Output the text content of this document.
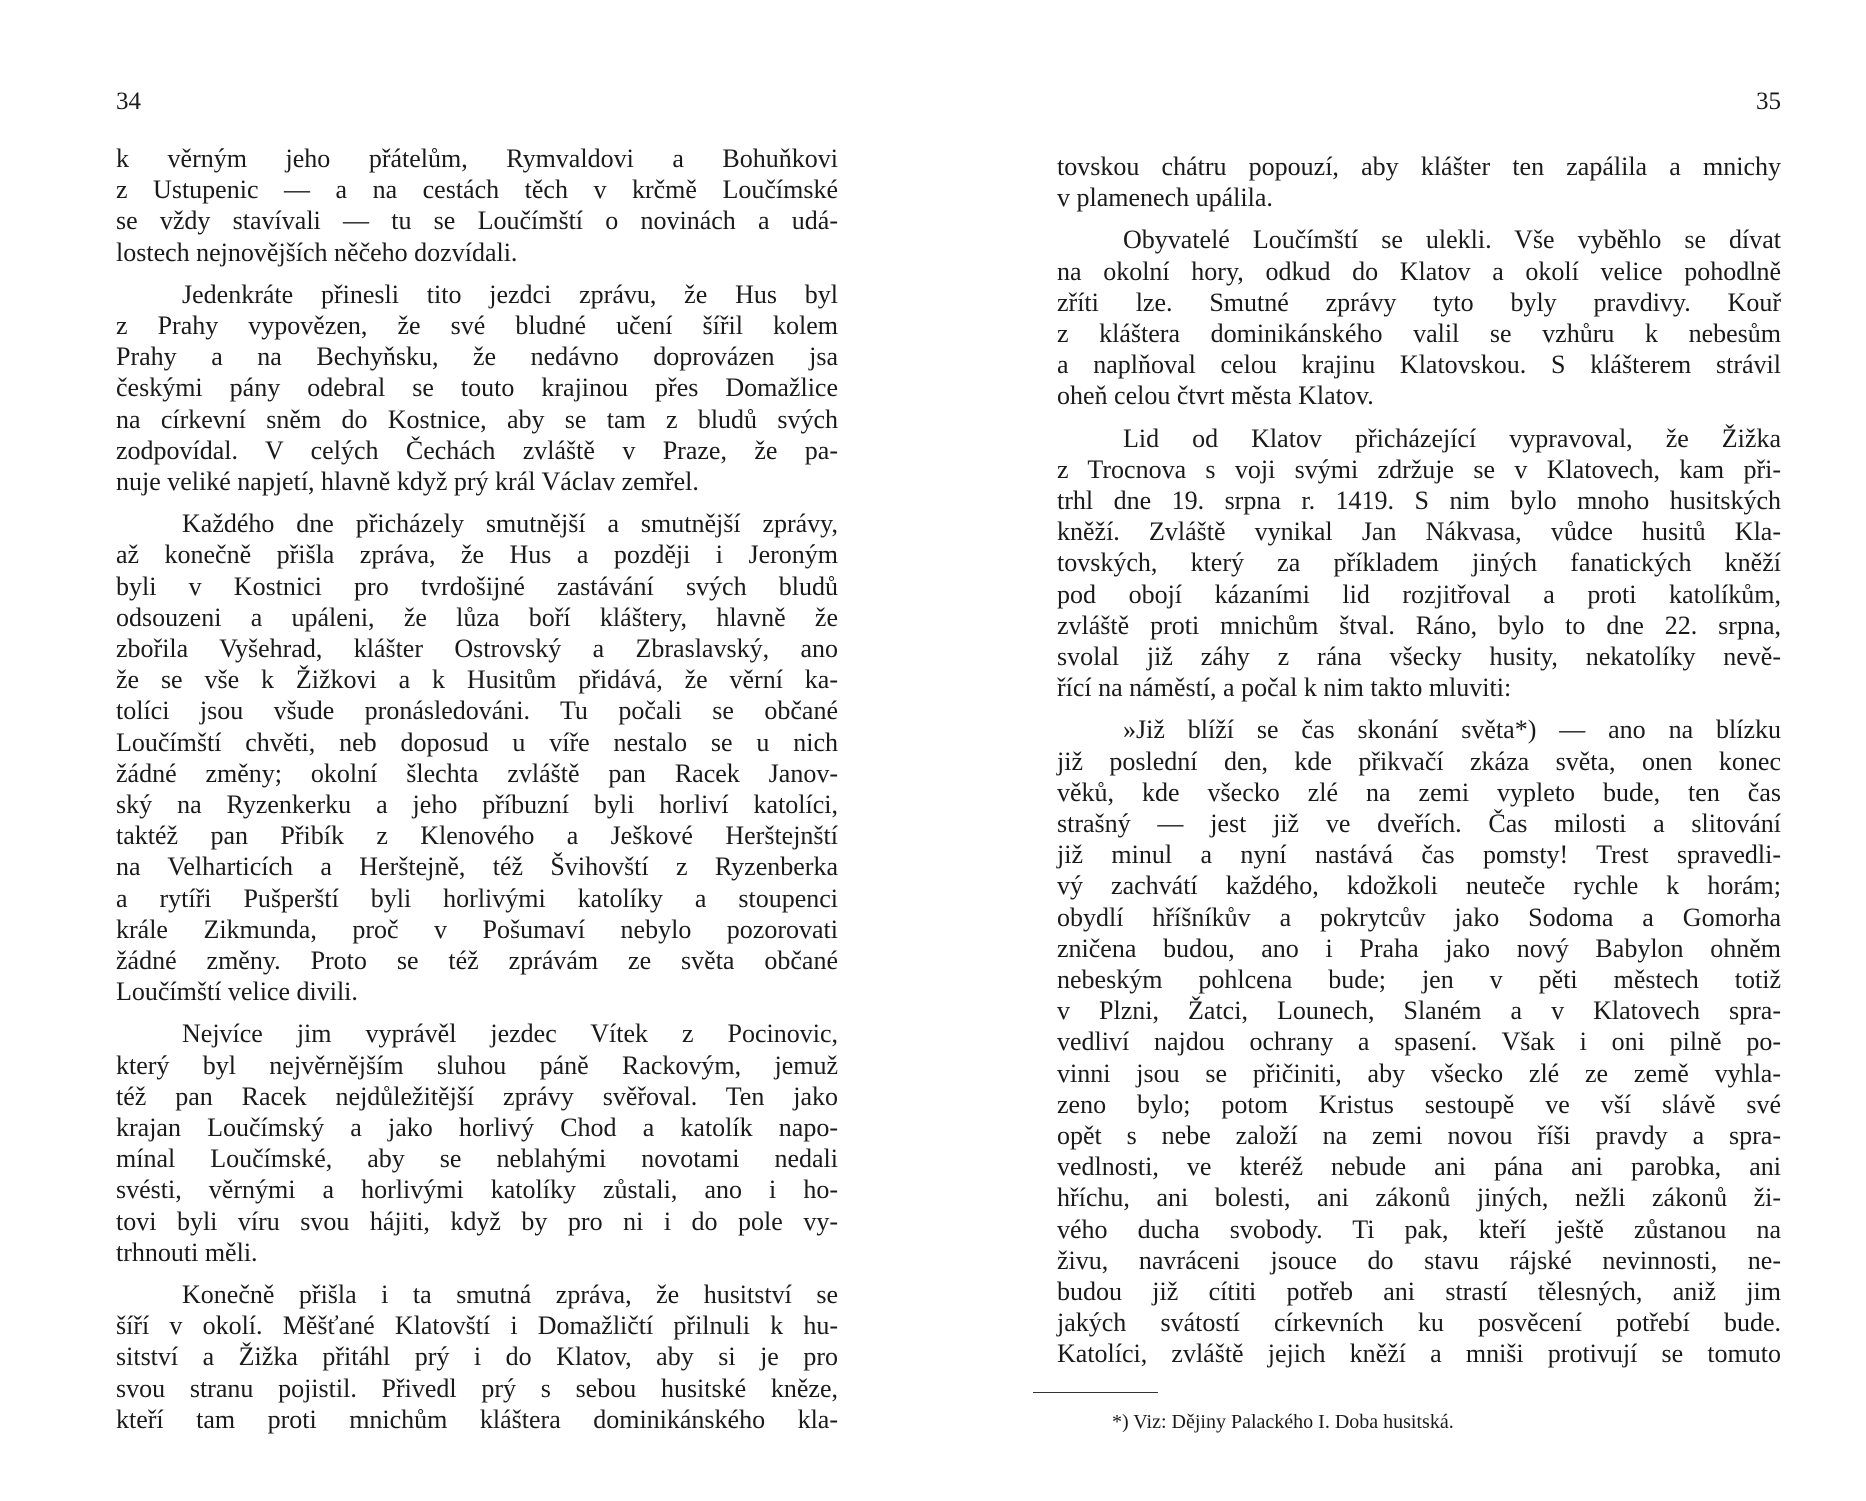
34
k věrným jeho přátelům, Rymvaldovi a Bohuňkovi
z Ustupenic — a na cestách těch v krčmě Loučímské
se vždy stavívali — tu se Loučímští o novinách a udá-
lostech nejnovějších něčeho dozvídali.
Jedenkráte přinesli tito jezdci zprávu, že Hus byl
z Prahy vypovězen, že své bludné učení šířil kolem
Prahy a na Bechyňsku, že nedávno doprovázen jsa
českými pány odebral se touto krajinou přes Domažlice
na církevní sněm do Kostnice, aby se tam z bludů svých
zodpovídal. V celých Čechách zvláště v Praze, že pa-
nuje veliké napjetí, hlavně když prý král Václav zemřel.
Každého dne přicházely smutnější a smutnější zprávy,
až konečně přišla zpráva, že Hus a později i Jeroným
byli v Kostnici pro tvrdošijné zastávání svých bludů
odsouzeni a upáleni, že lůza boří kláštery, hlavně že
zbořila Vyšehrad, klášter Ostrovský a Zbraslavský, ano
že se vše k Žižkovi a k Husitům přidává, že věrní ka-
tolíci jsou všude pronásledováni. Tu počali se občané
Loučímští chvěti, neb doposud u víře nestalo se u nich
žádné změny; okolní šlechta zvláště pan Racek Janov-
ský na Ryzenkerku a jeho příbuzní byli horliví katolíci,
taktéž pan Přibík z Klenového a Ješkové Herštejnští
na Velharticích a Herštejně, též Švihovští z Ryzenberka
a rytíři Pušperští byli horlivými katolíky a stoupenci
krále Zikmunda, proč v Pošumaví nebylo pozorovati
žádné změny. Proto se též zprávám ze světa občané
Loučímští velice divili.
Nejvíce jim vyprávěl jezdec Vítek z Pocinovic,
který byl nejvěrnějším sluhou páně Rackovým, jemuž
též pan Racek nejdůležitější zprávy svěřoval. Ten jako
krajan Loučímský a jako horlivý Chod a katolík napo-
mínal Loučímské, aby se neblahými novotami nedali
svésti, věrnými a horlivými katolíky zůstali, ano i ho-
tovi byli víru svou hájiti, když by pro ni i do pole vy-
trhnouti měli.
Konečně přišla i ta smutná zpráva, že husitství se
šíří v okolí. Měšťané Klatovští i Domažličtí přilnuli k hu-
sitství a Žižka přitáhl prý i do Klatov, aby si je pro
svou stranu pojistil. Přivedl prý s sebou husitské kněze,
kteří tam proti mnichům kláštera dominikánského kla-
35
tovskou chátru popouzí, aby klášter ten zapálila a mnichy
v plamenech upálila.
Obyvatelé Loučímští se ulekli. Vše vyběhlo se dívat
na okolní hory, odkud do Klatov a okolí velice pohodlně
zříti lze. Smutné zprávy tyto byly pravdivy. Kouř
z kláštera dominikánského valil se vzhůru k nebesům
a naplňoval celou krajinu Klatovskou. S klášterem strávil
oheň celou čtvrt města Klatov.
Lid od Klatov přicházející vypravoval, že Žižka
z Trocnova s voji svými zdržuje se v Klatovech, kam při-
trhl dne 19. srpna r. 1419. S nim bylo mnoho husitských
kněží. Zvláště vynikal Jan Nákvasa, vůdce husitů Kla-
tovských, který za příkladem jiných fanatických kněží
pod obojí kázaními lid rozjitřoval a proti katolíkům,
zvláště proti mnichům štval. Ráno, bylo to dne 22. srpna,
svolal již záhy z rána všecky husity, nekatolíky nevě-
řící na náměstí, a počal k nim takto mluviti:
»Již blíží se čas skonání světa*) — ano na blízku
již poslední den, kde přikvačí zkáza světa, onen konec
věků, kde všecko zlé na zemi vypleto bude, ten čas
strašný — jest již ve dveřích. Čas milosti a slitování
již minul a nyní nastává čas pomsty! Trest spravedli-
vý zachvátí každého, kdožkoli neuteče rychle k horám;
obydlí hříšníkův a pokrytcův jako Sodoma a Gomorha
zničena budou, ano i Praha jako nový Babylon ohněm
nebeským pohlcena bude; jen v pěti městech totiž
v Plzni, Žatci, Lounech, Slaném a v Klatovech spra-
vedliví najdou ochrany a spasení. Však i oni pilně po-
vinni jsou se přičiniti, aby všecko zlé ze země vyhla-
zeno bylo; potom Kristus sestoupě ve vší slávě své
opět s nebe založí na zemi novou říši pravdy a spra-
vedlnosti, ve kteréž nebude ani pána ani parobka, ani
hříchu, ani bolesti, ani zákonů jiných, nežli zákonů ži-
vého ducha svobody. Ti pak, kteří ještě zůstanou na
živu, navráceni jsouce do stavu rájské nevinnosti, ne-
budou již cítiti potřeb ani strastí tělesných, aniž jim
jakých svátostí církevních ku posvěcení potřebí bude.
Katolíci, zvláště jejich kněží a mniši protivují se tomuto
*) Viz: Dějiny Palackého I. Doba husitská.
